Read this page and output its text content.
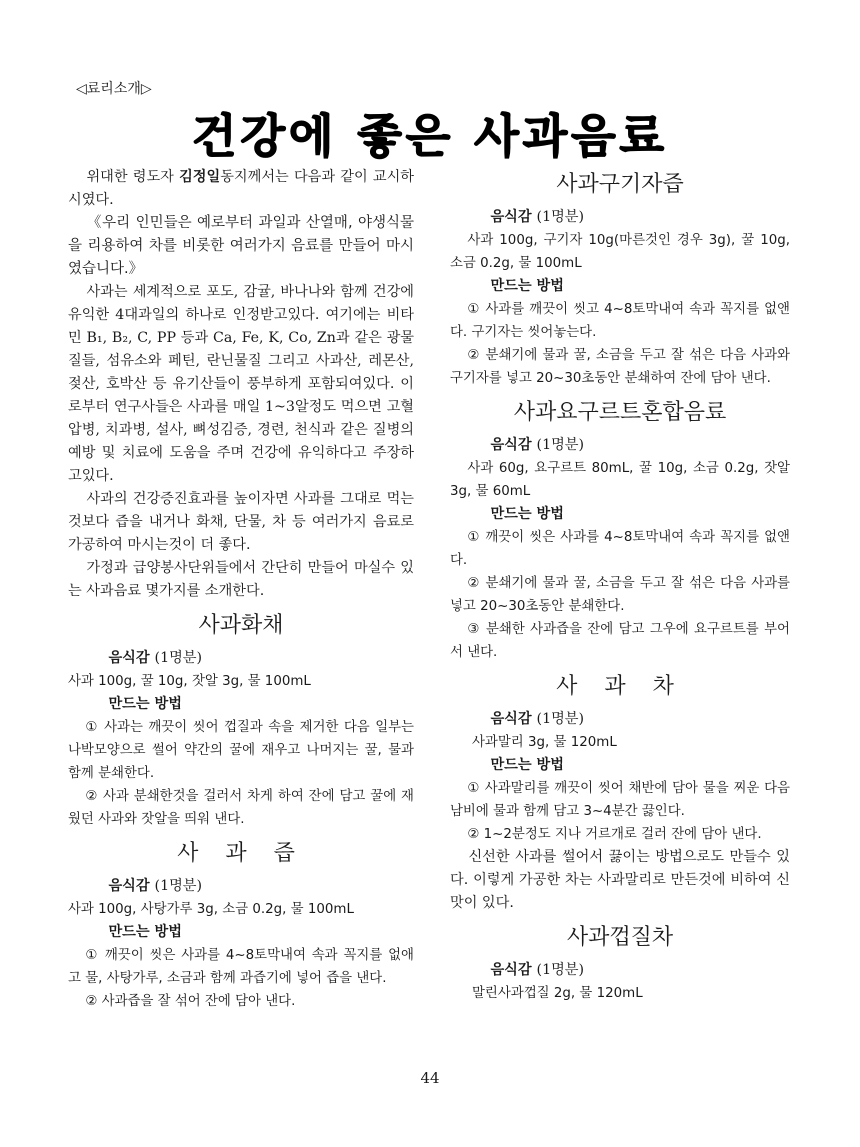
◁료리소개▷
건강에 좋은 사과음료

위대한 령도자 김정일동지께서는 다음과 같이 교시하시였다.

《우리 인민들은 예로부터 과일과 산열매, 야생식물을 리용하여 차를 비롯한 여러가지 음료를 만들어 마시였습니다.》

사과는 세계적으로 포도, 감귤, 바나나와 함께 건강에 유익한 4대과일의 하나로 인정받고있다. 여기에는 비타민 B₁, B₂, C, PP 등과 Ca, Fe, K, Co, Zn과 같은 광물질들, 섬유소와 페틴, 란닌물질 그리고 사과산, 레몬산, 젖산, 호박산 등 유기산들이 풍부하게 포함되여있다. 이로부터 연구사들은 사과를 매일 1~3알정도 먹으면 고혈압병, 치과병, 설사, 뼈성김증, 경련, 천식과 같은 질병의 예방 및 치료에 도움을 주며 건강에 유익하다고 주장하고있다.

사과의 건강증진효과를 높이자면 사과를 그대로 먹는것보다 즙을 내거나 화채, 단물, 차 등 여러가지 음료로 가공하여 마시는것이 더 좋다.

가정과 급양봉사단위들에서 간단히 만들어 마실수 있는 사과음료 몇가지를 소개한다.

사과화채

음식감 (1명분)

사과 100g, 꿀 10g, 잣알 3g, 물 100mL

만드는 방법

① 사과는 깨끗이 씻어 껍질과 속을 제거한 다음 일부는 나박모양으로 썰어 약간의 꿀에 재우고 나머지는 꿀, 물과 함께 분쇄한다.

② 사과 분쇄한것을 걸러서 차게 하여 잔에 담고 꿀에 재웠던 사과와 잣알을 띄워 낸다.

사 과 즙

음식감 (1명분)

사과 100g, 사탕가루 3g, 소금 0.2g, 물 100mL

만드는 방법

① 깨끗이 씻은 사과를 4~8토막내여 속과 꼭지를 없애고 물, 사탕가루, 소금과 함께 과즙기에 넣어 즙을 낸다.

② 사과즙을 잘 섞어 잔에 담아 낸다.

사과구기자즙

음식감 (1명분)

사과 100g, 구기자 10g(마른것인 경우 3g), 꿀 10g, 소금 0.2g, 물 100mL

만드는 방법

① 사과를 깨끗이 씻고 4~8토막내여 속과 꼭지를 없앤다. 구기자는 씻어놓는다.

② 분쇄기에 물과 꿀, 소금을 두고 잘 섞은 다음 사과와 구기자를 넣고 20~30초동안 분쇄하여 잔에 담아 낸다.

사과요구르트혼합음료

음식감 (1명분)

사과 60g, 요구르트 80mL, 꿀 10g, 소금 0.2g, 잣알 3g, 물 60mL

만드는 방법

① 깨끗이 씻은 사과를 4~8토막내여 속과 꼭지를 없앤다.

② 분쇄기에 물과 꿀, 소금을 두고 잘 섞은 다음 사과를 넣고 20~30초동안 분쇄한다.

③ 분쇄한 사과즙을 잔에 담고 그우에 요구르트를 부어서 낸다.

사 과 차

음식감 (1명분)

사과말리 3g, 물 120mL

만드는 방법

① 사과말리를 깨끗이 씻어 채반에 담아 물을 찌운 다음 남비에 물과 함께 담고 3~4분간 끓인다.

② 1~2분정도 지나 거르개로 걸러 잔에 담아 낸다.

신선한 사과를 썰어서 끓이는 방법으로도 만들수 있다. 이렇게 가공한 차는 사과말리로 만든것에 비하여 신맛이 있다.

사과껍질차

음식감 (1명분)

말린사과껍질 2g, 물 120mL

44
